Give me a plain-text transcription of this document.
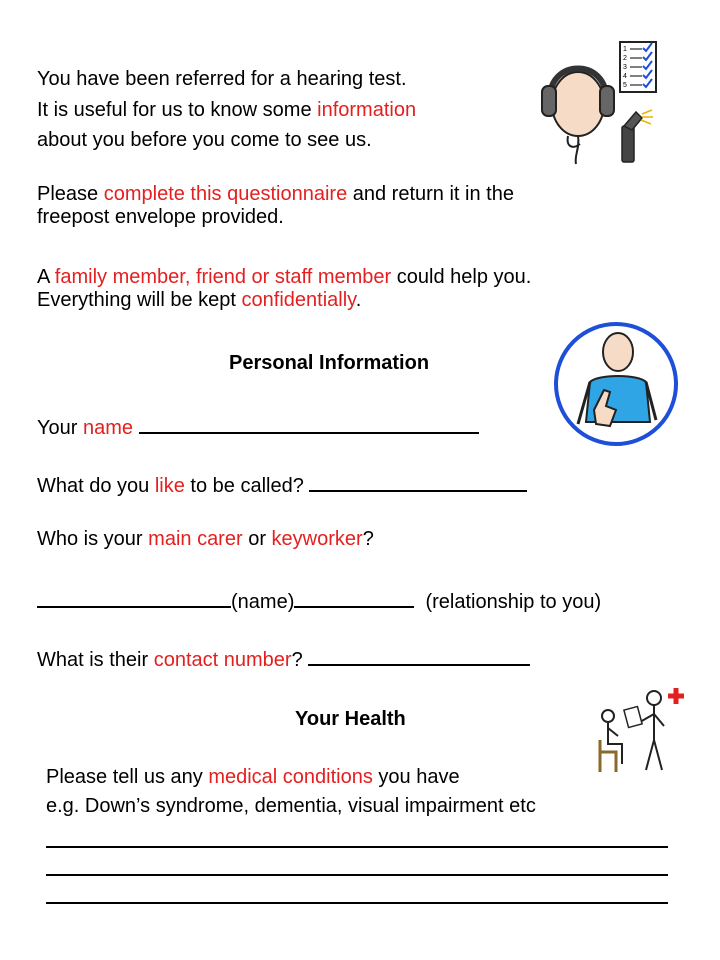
You have been referred for a hearing test.
It is useful for us to know some information
about you before you come to see us.
1
2
3
4
5
Please complete this questionnaire and return it in the
freepost envelope provided.
A family member, friend or staff member could help you.
Everything will be kept confidentially.
Personal Information
Your name
What do you like to be called?
Who is your main carer or keyworker?
(name)	(relationship to you)
What is their contact number?
Your Health
Please tell us any medical conditions you have
e.g. Down’s syndrome, dementia, visual impairment etc
